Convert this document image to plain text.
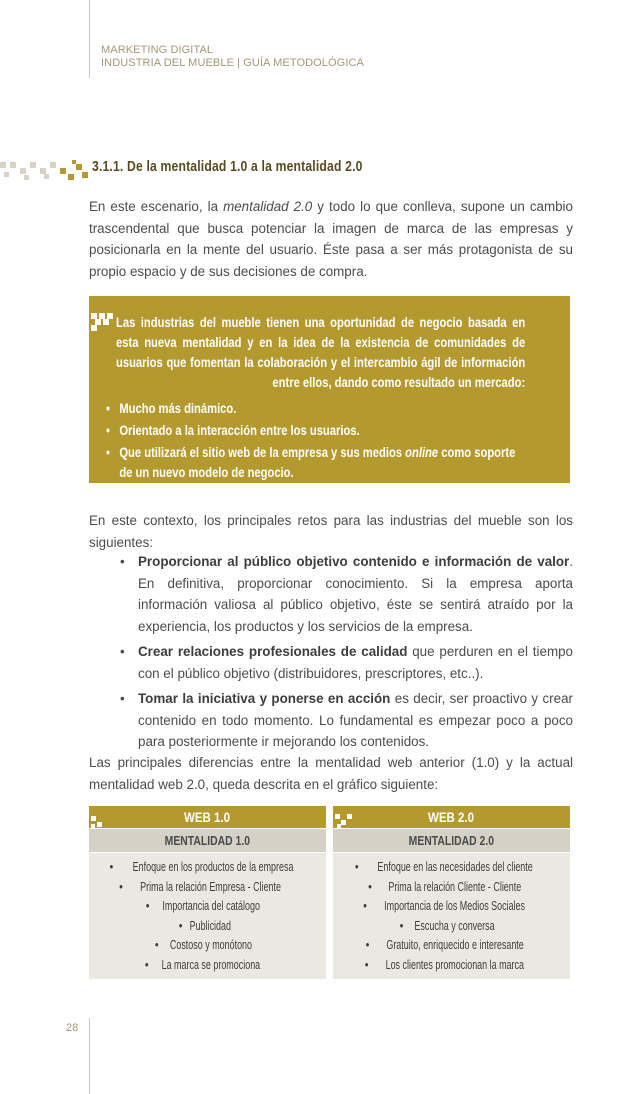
MARKETING DIGITAL
INDUSTRIA DEL MUEBLE | GUÍA METODOLÓGICA
3.1.1. De la mentalidad 1.0 a la mentalidad 2.0
En este escenario, la mentalidad 2.0 y todo lo que conlleva, supone un cambio trascendental que busca potenciar la imagen de marca de las empresas y posicionarla en la mente del usuario. Éste pasa a ser más protagonista de su propio espacio y de sus decisiones de compra.
Las industrias del mueble tienen una oportunidad de negocio basada en esta nueva mentalidad y en la idea de la existencia de comunidades de usuarios que fomentan la colaboración y el intercambio ágil de información entre ellos, dando como resultado un mercado:
• Mucho más dinámico.
• Orientado a la interacción entre los usuarios.
• Que utilizará el sitio web de la empresa y sus medios online como soporte de un nuevo modelo de negocio.
En este contexto, los principales retos para las industrias del mueble son los siguientes:
• Proporcionar al público objetivo contenido e información de valor. En definitiva, proporcionar conocimiento. Si la empresa aporta información valiosa al público objetivo, éste se sentirá atraído por la experiencia, los productos y los servicios de la empresa.
• Crear relaciones profesionales de calidad que perduren en el tiempo con el público objetivo (distribuidores, prescriptores, etc..).
• Tomar la iniciativa y ponerse en acción es decir, ser proactivo y crear contenido en todo momento. Lo fundamental es empezar poco a poco para posteriormente ir mejorando los contenidos.
Las principales diferencias entre la mentalidad web anterior (1.0) y la actual mentalidad web 2.0, queda descrita en el gráfico siguiente:
WEB 1.0
MENTALIDAD 1.0
• Enfoque en los productos de la empresa
• Prima la relación Empresa - Cliente
• Importancia del catálogo
• Publicidad
• Costoso y monótono
• La marca se promociona
WEB 2.0
MENTALIDAD 2.0
• Enfoque en las necesidades del cliente
• Prima la relación Cliente - Cliente
• Importancia de los Medios Sociales
• Escucha y conversa
• Gratuito, enriquecido e interesante
• Los clientes promocionan la marca
28
